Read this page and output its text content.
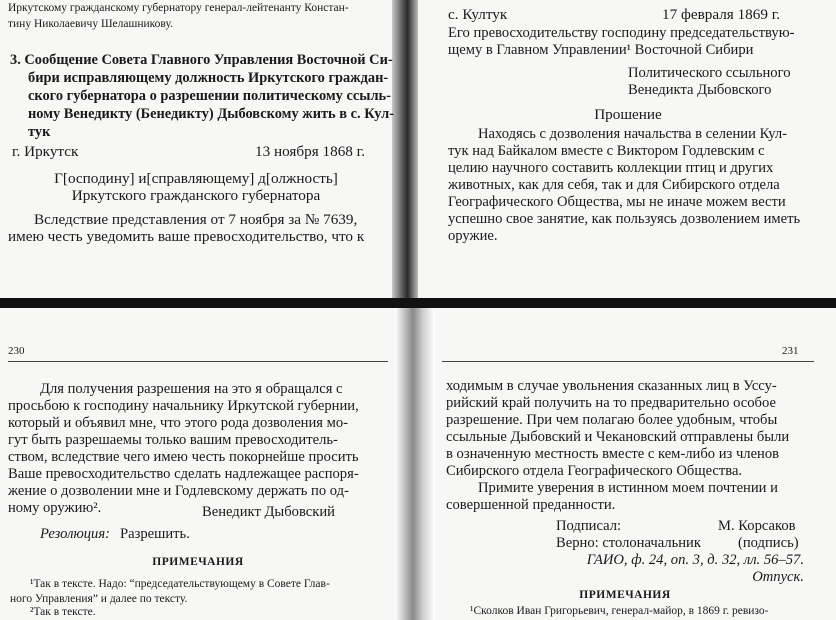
Иркутскому гражданскому губернатору генерал-лейтенанту Констан-
тину Николаевичу Шелашникову.
3. Сообщение Совета Главного Управления Восточной Си-
бири исправляющему должность Иркутского граждан-
ского губернатора о разрешении политическому ссыль-
ному Венедикту (Бенедикту) Дыбовскому жить в с. Кул-
тук
г. Иркутск	13 ноября 1868 г.
Г[осподину] и[справляющему] д[олжность]
Иркутского гражданского губернатора
Вследствие представления от 7 ноября за № 7639,
имею честь уведомить ваше превосходительство, что к
с. Култук	17 февраля 1869 г.
Его превосходительству господину председательствую-
щему в Главном Управлении¹ Восточной Сибири
Политического ссыльного
Венедикта Дыбовского
Прошение
Находясь с дозволения начальства в селении Кул-
тук над Байкалом вместе с Виктором Годлевским с
целию научного составить коллекции птиц и других
животных, как для себя, так и для Сибирского отдела
Географического Общества, мы не иначе можем вести
успешно свое занятие, как пользуясь дозволением иметь
оружие.
230
Для получения разрешения на это я обращался с
просьбою к господину начальнику Иркутской губернии,
который и объявил мне, что этого рода дозволения мо-
гут быть разрешаемы только вашим превосходитель-
ством, вследствие чего имею честь покорнейше просить
Ваше превосходительство сделать надлежащее распоря-
жение о дозволении мне и Годлевскому держать по од-
ному оружию².	Венедикт Дыбовский
Резолюция: Разрешить.
ПРИМЕЧАНИЯ
¹Так в тексте. Надо: “председательствующему в Совете Глав-
ного Управления” и далее по тексту.
²Так в тексте.
231
ходимым в случае увольнения сказанных лиц в Уссу-
рийский край получить на то предварительно особое
разрешение. При чем полагаю более удобным, чтобы
ссыльные Дыбовский и Чекановский отправлены были
в означенную местность вместе с кем-либо из членов
Сибирского отдела Географического Общества.
Примите уверения в истинном моем почтении и
совершенной преданности.
Подписал:	М. Корсаков
Верно: столоначальник	(подпись)
ГАИО, ф. 24, оп. 3, д. 32, лл. 56–57.
Отпуск.
ПРИМЕЧАНИЯ
¹Сколков Иван Григорьевич, генерал-майор, в 1869 г. ревизо-
